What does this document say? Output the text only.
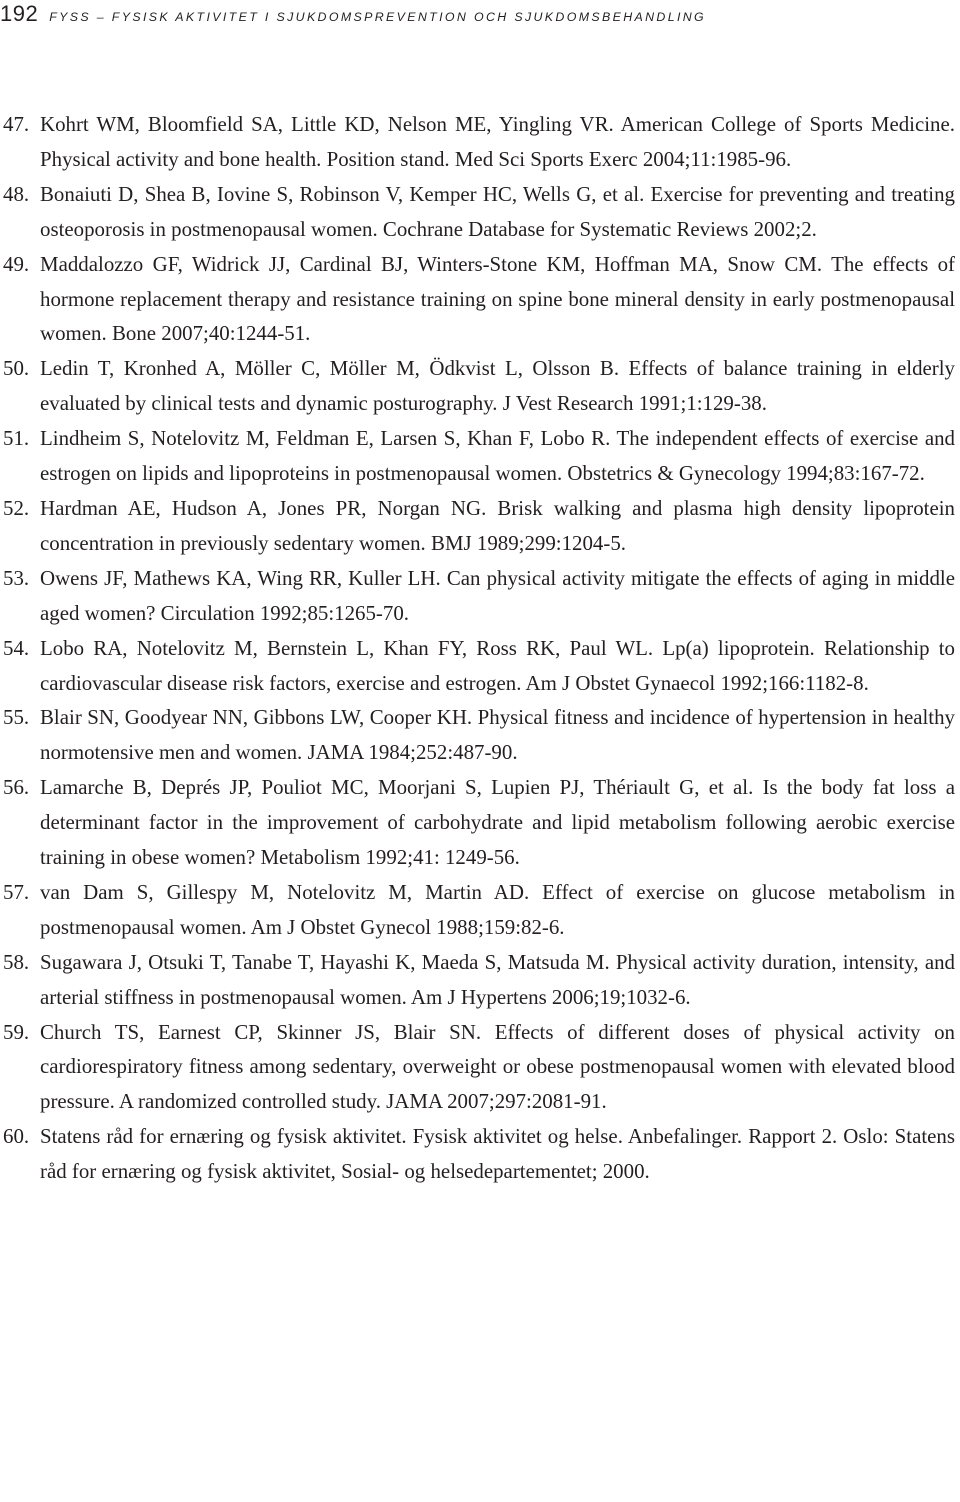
192 FYSS – FYSISK AKTIVITET I SJUKDOMSPREVENTION OCH SJUKDOMSBEHANDLING
47. Kohrt WM, Bloomfield SA, Little KD, Nelson ME, Yingling VR. American College of Sports Medicine. Physical activity and bone health. Position stand. Med Sci Sports Exerc 2004;11:1985-96.
48. Bonaiuti D, Shea B, Iovine S, Robinson V, Kemper HC, Wells G, et al. Exercise for preventing and treating osteoporosis in postmenopausal women. Cochrane Database for Systematic Reviews 2002;2.
49. Maddalozzo GF, Widrick JJ, Cardinal BJ, Winters-Stone KM, Hoffman MA, Snow CM. The effects of hormone replacement therapy and resistance training on spine bone mineral density in early postmenopausal women. Bone 2007;40:1244-51.
50. Ledin T, Kronhed A, Möller C, Möller M, Ödkvist L, Olsson B. Effects of balance training in elderly evaluated by clinical tests and dynamic posturography. J Vest Research 1991;1:129-38.
51. Lindheim S, Notelovitz M, Feldman E, Larsen S, Khan F, Lobo R. The independent effects of exercise and estrogen on lipids and lipoproteins in postmenopausal women. Obstetrics & Gynecology 1994;83:167-72.
52. Hardman AE, Hudson A, Jones PR, Norgan NG. Brisk walking and plasma high density lipoprotein concentration in previously sedentary women. BMJ 1989;299:1204-5.
53. Owens JF, Mathews KA, Wing RR, Kuller LH. Can physical activity mitigate the effects of aging in middle aged women? Circulation 1992;85:1265-70.
54. Lobo RA, Notelovitz M, Bernstein L, Khan FY, Ross RK, Paul WL. Lp(a) lipoprotein. Relationship to cardiovascular disease risk factors, exercise and estrogen. Am J Obstet Gynaecol 1992;166:1182-8.
55. Blair SN, Goodyear NN, Gibbons LW, Cooper KH. Physical fitness and incidence of hypertension in healthy normotensive men and women. JAMA 1984;252:487-90.
56. Lamarche B, Deprés JP, Pouliot MC, Moorjani S, Lupien PJ, Thériault G, et al. Is the body fat loss a determinant factor in the improvement of carbohydrate and lipid metabolism following aerobic exercise training in obese women? Metabolism 1992;41: 1249-56.
57. van Dam S, Gillespy M, Notelovitz M, Martin AD. Effect of exercise on glucose metabolism in postmenopausal women. Am J Obstet Gynecol 1988;159:82-6.
58. Sugawara J, Otsuki T, Tanabe T, Hayashi K, Maeda S, Matsuda M. Physical activity duration, intensity, and arterial stiffness in postmenopausal women. Am J Hypertens 2006;19;1032-6.
59. Church TS, Earnest CP, Skinner JS, Blair SN. Effects of different doses of physical activity on cardiorespiratory fitness among sedentary, overweight or obese postmenopausal women with elevated blood pressure. A randomized controlled study. JAMA 2007;297:2081-91.
60. Statens råd for ernæring og fysisk aktivitet. Fysisk aktivitet og helse. Anbefalinger. Rapport 2. Oslo: Statens råd for ernæring og fysisk aktivitet, Sosial- og helsedepartementet; 2000.
